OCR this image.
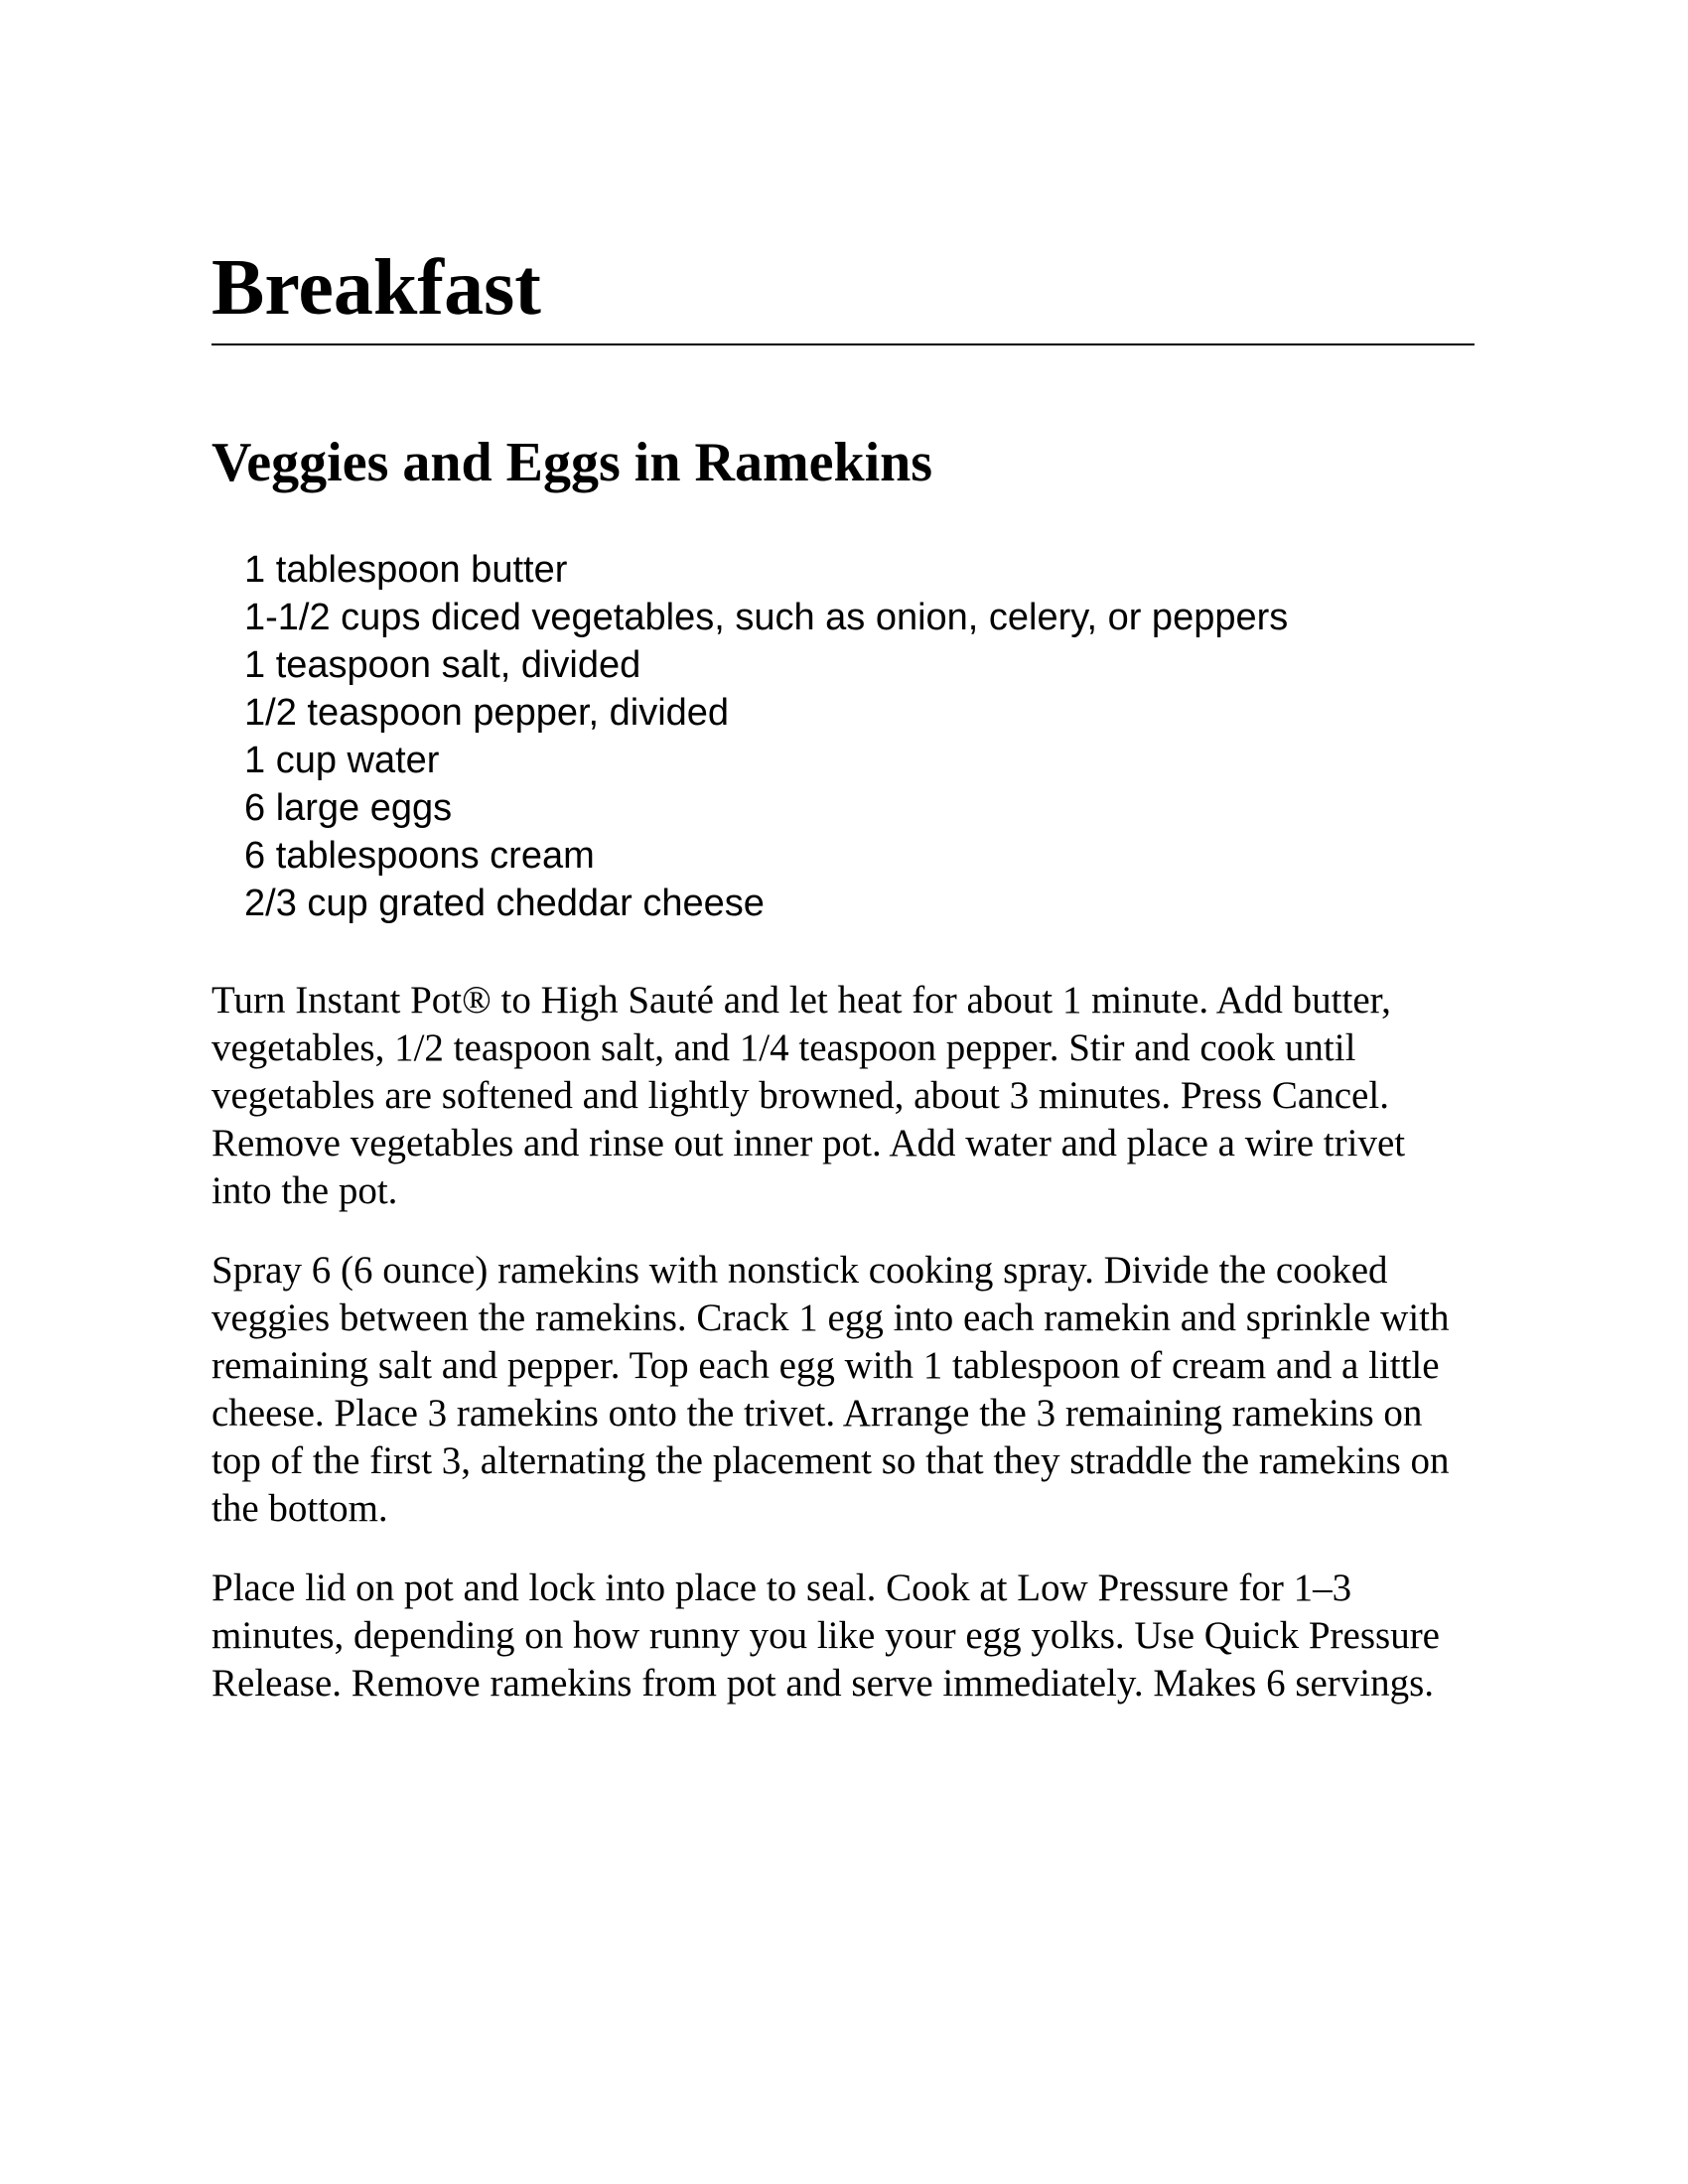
Breakfast
Veggies and Eggs in Ramekins
1 tablespoon butter
1-1/2 cups diced vegetables, such as onion, celery, or peppers
1 teaspoon salt, divided
1/2 teaspoon pepper, divided
1 cup water
6 large eggs
6 tablespoons cream
2/3 cup grated cheddar cheese

Turn Instant Pot® to High Sauté and let heat for about 1 minute. Add butter, vegetables, 1/2 teaspoon salt, and 1/4 teaspoon pepper. Stir and cook until vegetables are softened and lightly browned, about 3 minutes. Press Cancel. Remove vegetables and rinse out inner pot. Add water and place a wire trivet into the pot.

Spray 6 (6 ounce) ramekins with nonstick cooking spray. Divide the cooked veggies between the ramekins. Crack 1 egg into each ramekin and sprinkle with remaining salt and pepper. Top each egg with 1 tablespoon of cream and a little cheese. Place 3 ramekins onto the trivet. Arrange the 3 remaining ramekins on top of the first 3, alternating the placement so that they straddle the ramekins on the bottom.

Place lid on pot and lock into place to seal. Cook at Low Pressure for 1–3 minutes, depending on how runny you like your egg yolks. Use Quick Pressure Release. Remove ramekins from pot and serve immediately. Makes 6 servings.
